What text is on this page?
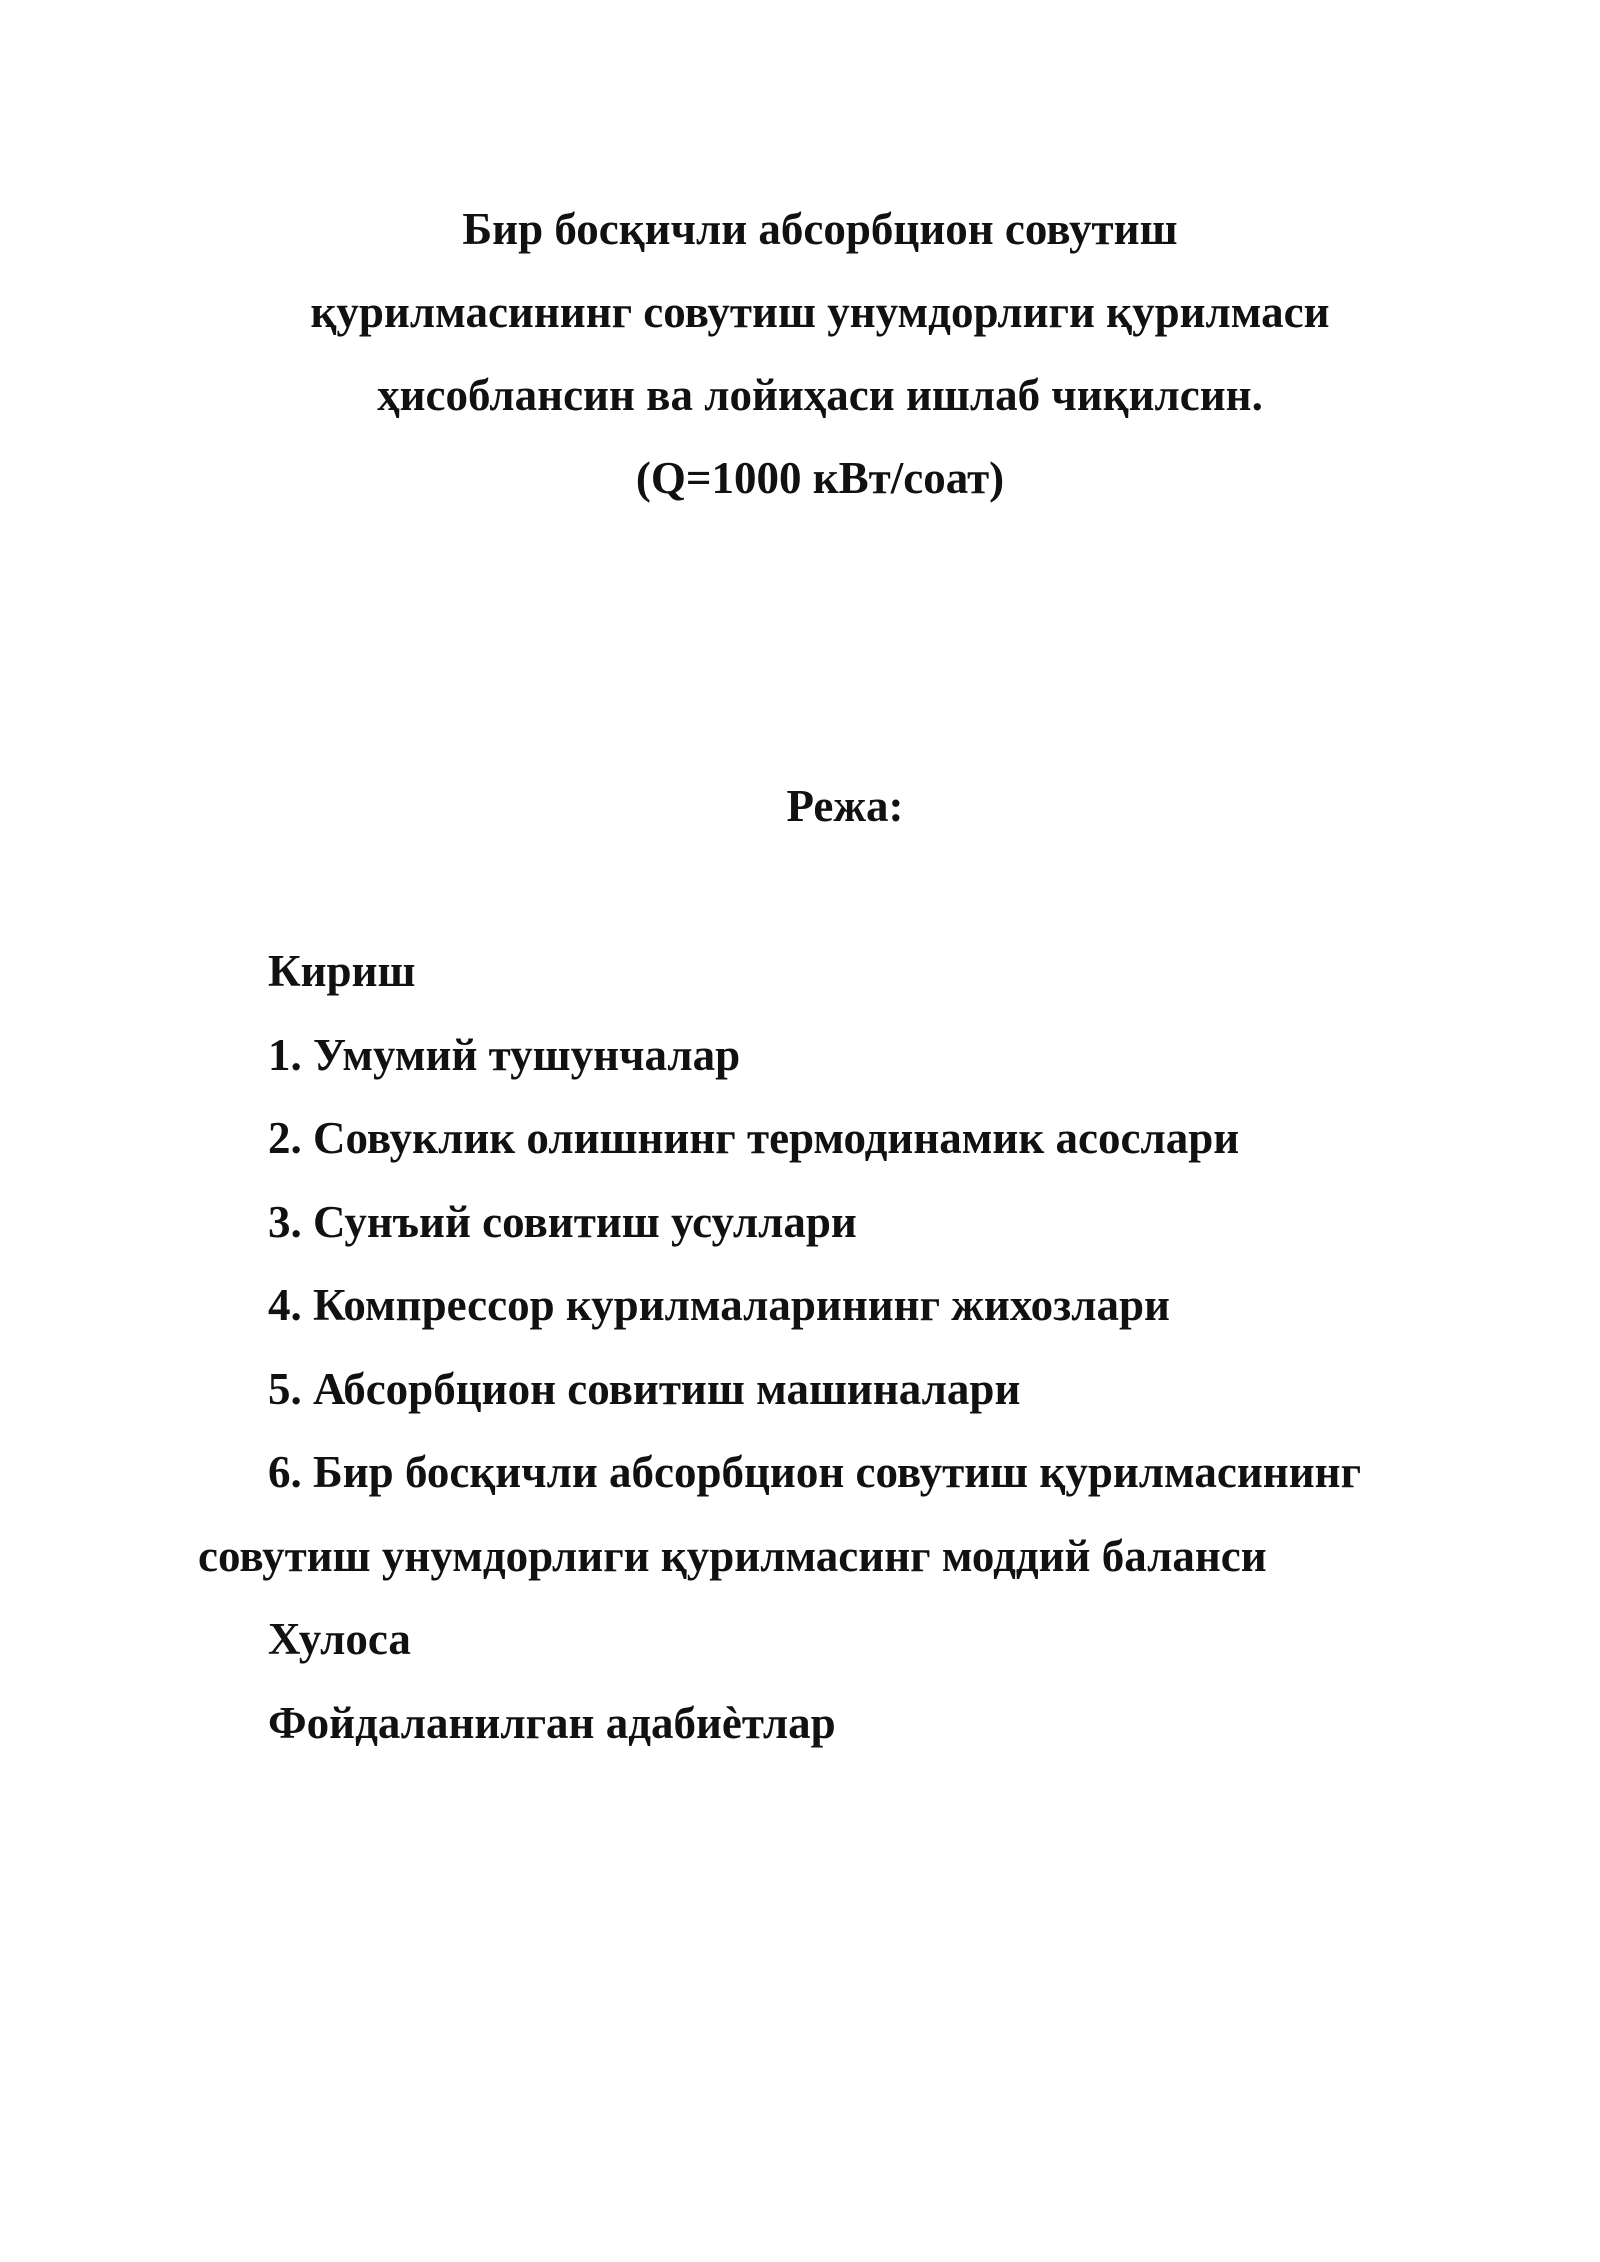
Бир босқичли абсорбцион совутиш
қурилмасининг совутиш унумдорлиги қурилмаси
ҳисоблансин ва лойиҳаси ишлаб чиқилсин.
(Q=1000 кВт/соат)
Режа:
Кириш
1. Умумий тушунчалар
2. Совуклик олишнинг термодинамик асослари
3. Сунъий совитиш усуллари
4. Компрессор курилмаларининг жихозлари
5. Абсорбцион совитиш машиналари
6. Бир босқичли абсорбцион совутиш қурилмасининг
совутиш унумдорлиги қурилмасинг моддий баланси
Хулоса
Фойдаланилган адабиѐтлар
